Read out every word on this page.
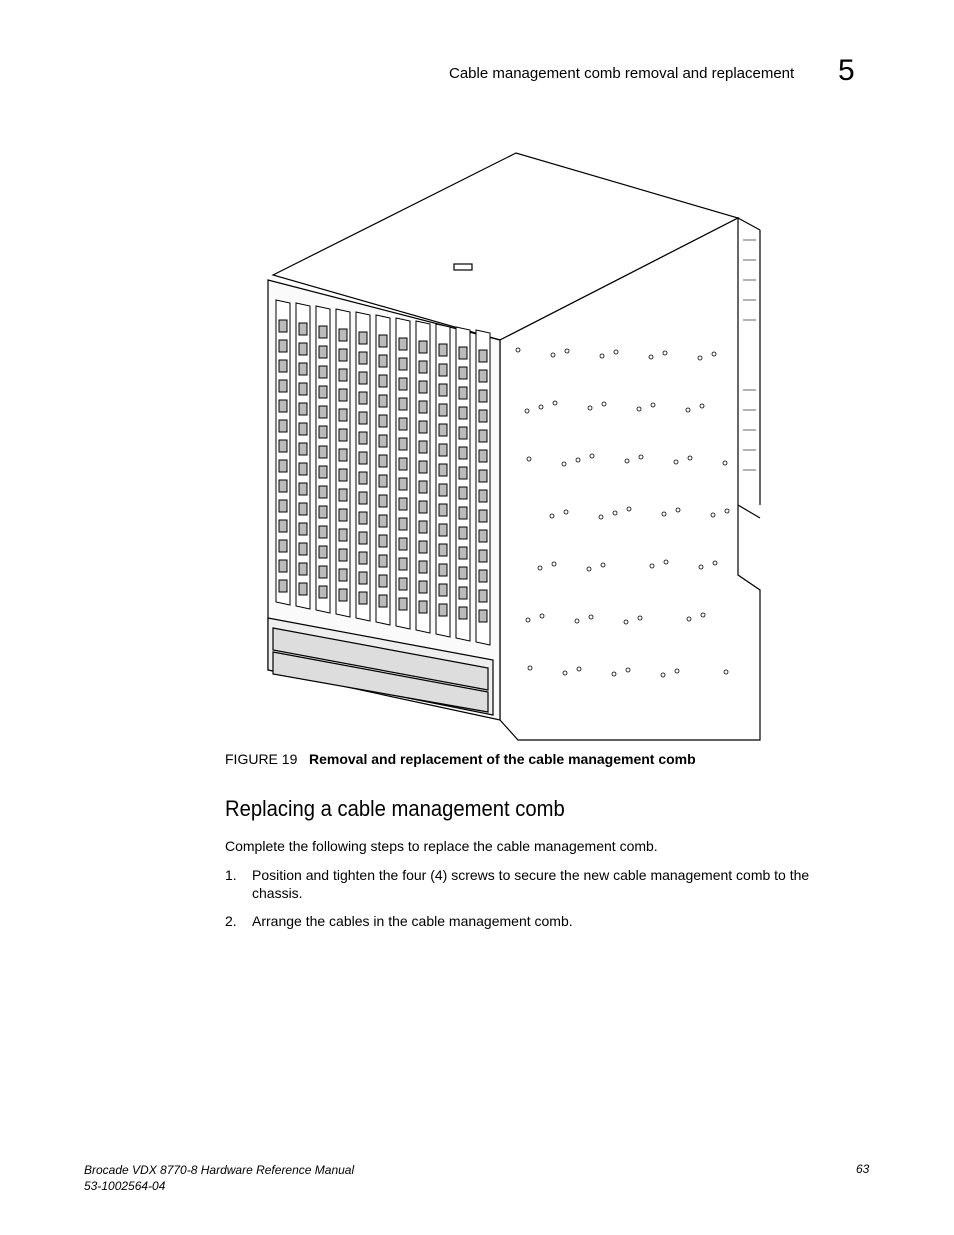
Cable management comb removal and replacement 5
FIGURE 19 Removal and replacement of the cable management comb
Replacing a cable management comb
Complete the following steps to replace the cable management comb.
1. Position and tighten the four (4) screws to secure the new cable management comb to the chassis.
2. Arrange the cables in the cable management comb.
Brocade VDX 8770-8 Hardware Reference Manual
53-1002564-04
63
